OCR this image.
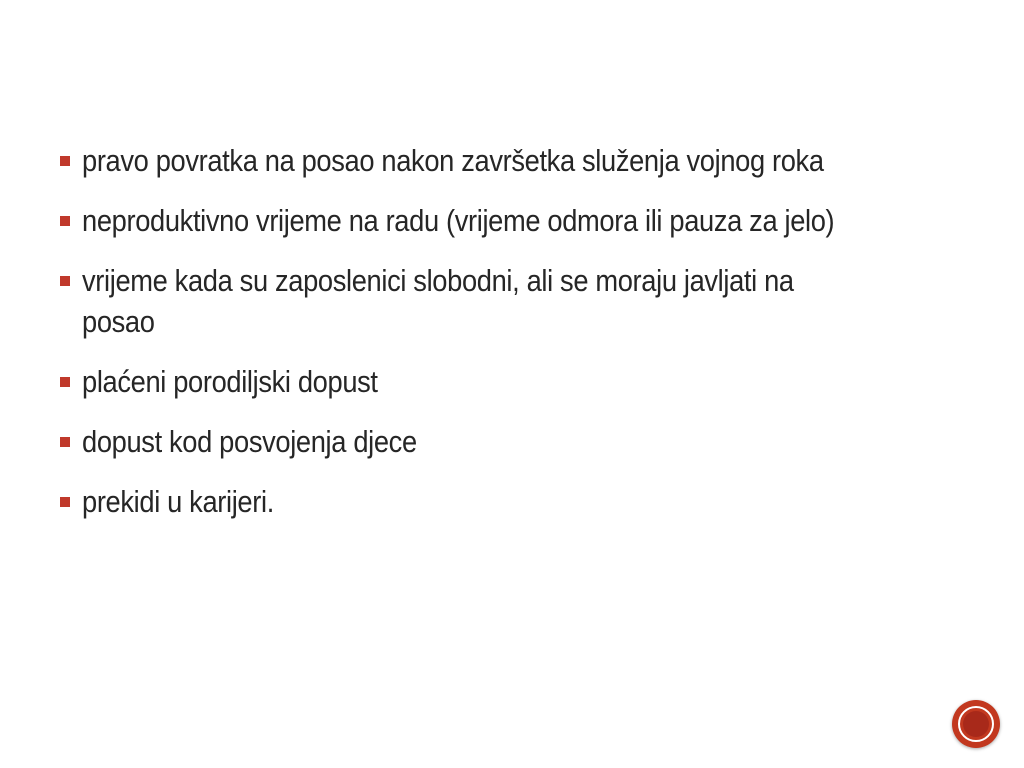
pravo povratka na posao nakon završetka služenja vojnog roka
neproduktivno vrijeme na radu (vrijeme odmora ili pauza za jelo)
vrijeme kada su zaposlenici slobodni, ali se moraju javljati na posao
plaćeni porodiljski dopust
dopust kod posvojenja djece
prekidi u karijeri.
